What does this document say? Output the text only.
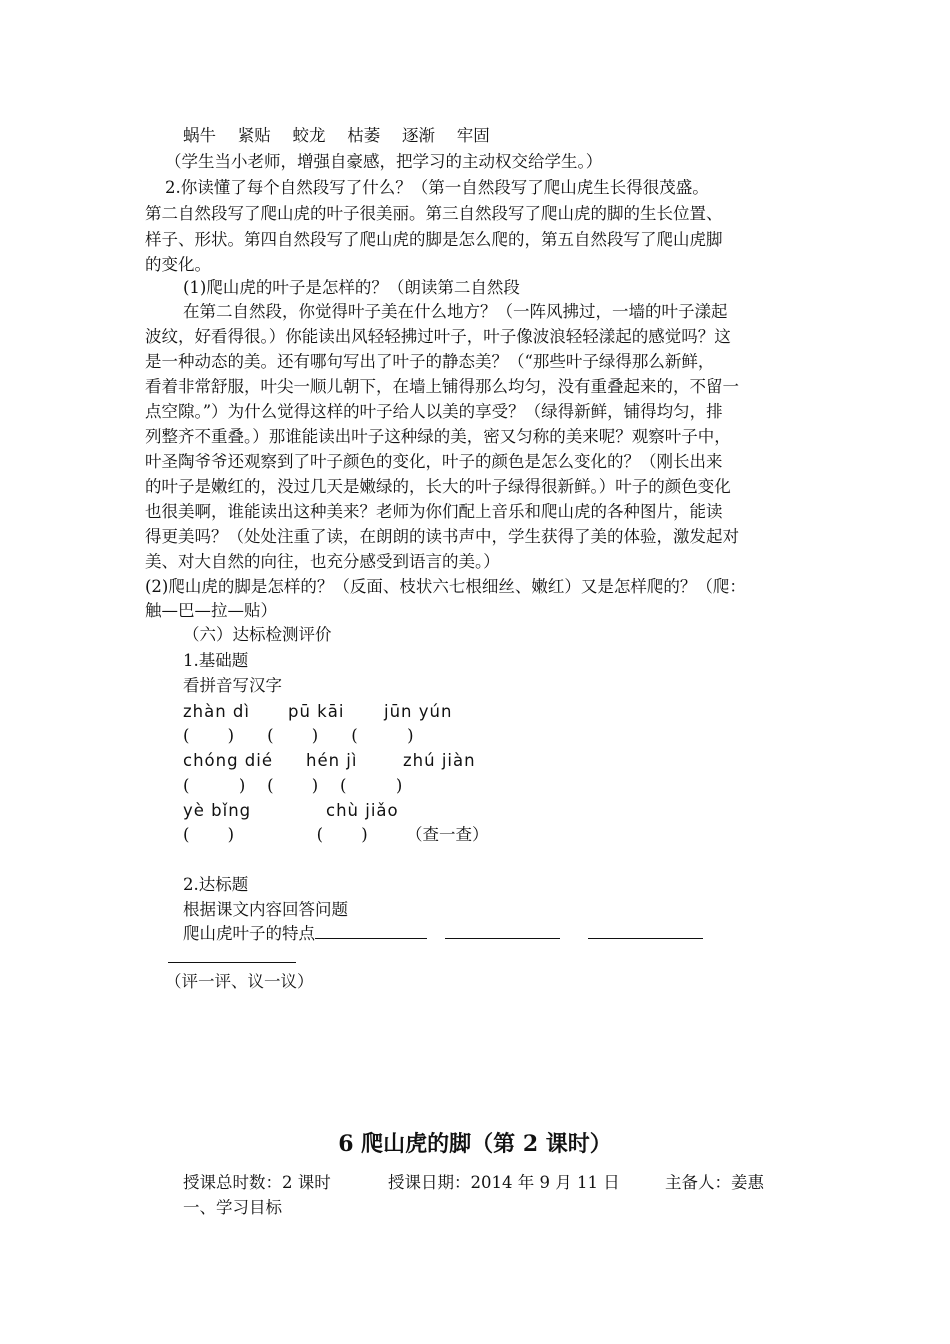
蜗牛　 紧贴　 蛟龙　 枯萎　 逐渐　 牢固
（学生当小老师，增强自豪感，把学习的主动权交给学生。）
2.你读懂了每个自然段写了什么？（第一自然段写了爬山虎生长得很茂盛。
第二自然段写了爬山虎的叶子很美丽。第三自然段写了爬山虎的脚的生长位置、
样子、形状。第四自然段写了爬山虎的脚是怎么爬的，第五自然段写了爬山虎脚
的变化。
(1)爬山虎的叶子是怎样的？（朗读第二自然段
在第二自然段，你觉得叶子美在什么地方？（一阵风拂过，一墙的叶子漾起
波纹，好看得很。）你能读出风轻轻拂过叶子，叶子像波浪轻轻漾起的感觉吗？这
是一种动态的美。还有哪句写出了叶子的静态美？（“那些叶子绿得那么新鲜，
看着非常舒服，叶尖一顺儿朝下，在墙上铺得那么均匀，没有重叠起来的，不留一
点空隙。”）为什么觉得这样的叶子给人以美的享受？（绿得新鲜，铺得均匀，排
列整齐不重叠。）那谁能读出叶子这种绿的美，密又匀称的美来呢？观察叶子中，
叶圣陶爷爷还观察到了叶子颜色的变化，叶子的颜色是怎么变化的？（刚长出来
的叶子是嫩红的，没过几天是嫩绿的，长大的叶子绿得很新鲜。）叶子的颜色变化
也很美啊，谁能读出这种美来？老师为你们配上音乐和爬山虎的各种图片，能读
得更美吗？（处处注重了读，在朗朗的读书声中，学生获得了美的体验，激发起对
美、对大自然的向往，也充分感受到语言的美。）
(2)爬山虎的脚是怎样的？（反面、枝状六七根细丝、嫩红）又是怎样爬的？（爬：
触—巴—拉—贴）
（六）达标检测评价
1.基础题
看拼音写汉字
zhàn dì pū kāi jūn yún
(　　 )　　(　　 )　　(　　　)
chóng dié hén jì	zhú jiàn
(　　　)　 (　　 )　 (　　　)
yè bǐng	chù jiǎo
(　　 )　　　　　(　　 )　　 （查一查）
2.达标题
根据课文内容回答问题
爬山虎叶子的特点
（评一评、议一议）
6 爬山虎的脚（第 2 课时）
授课总时数：2 课时	授课日期：2014 年 9 月 11 日	主备人：姜惠
一、学习目标
